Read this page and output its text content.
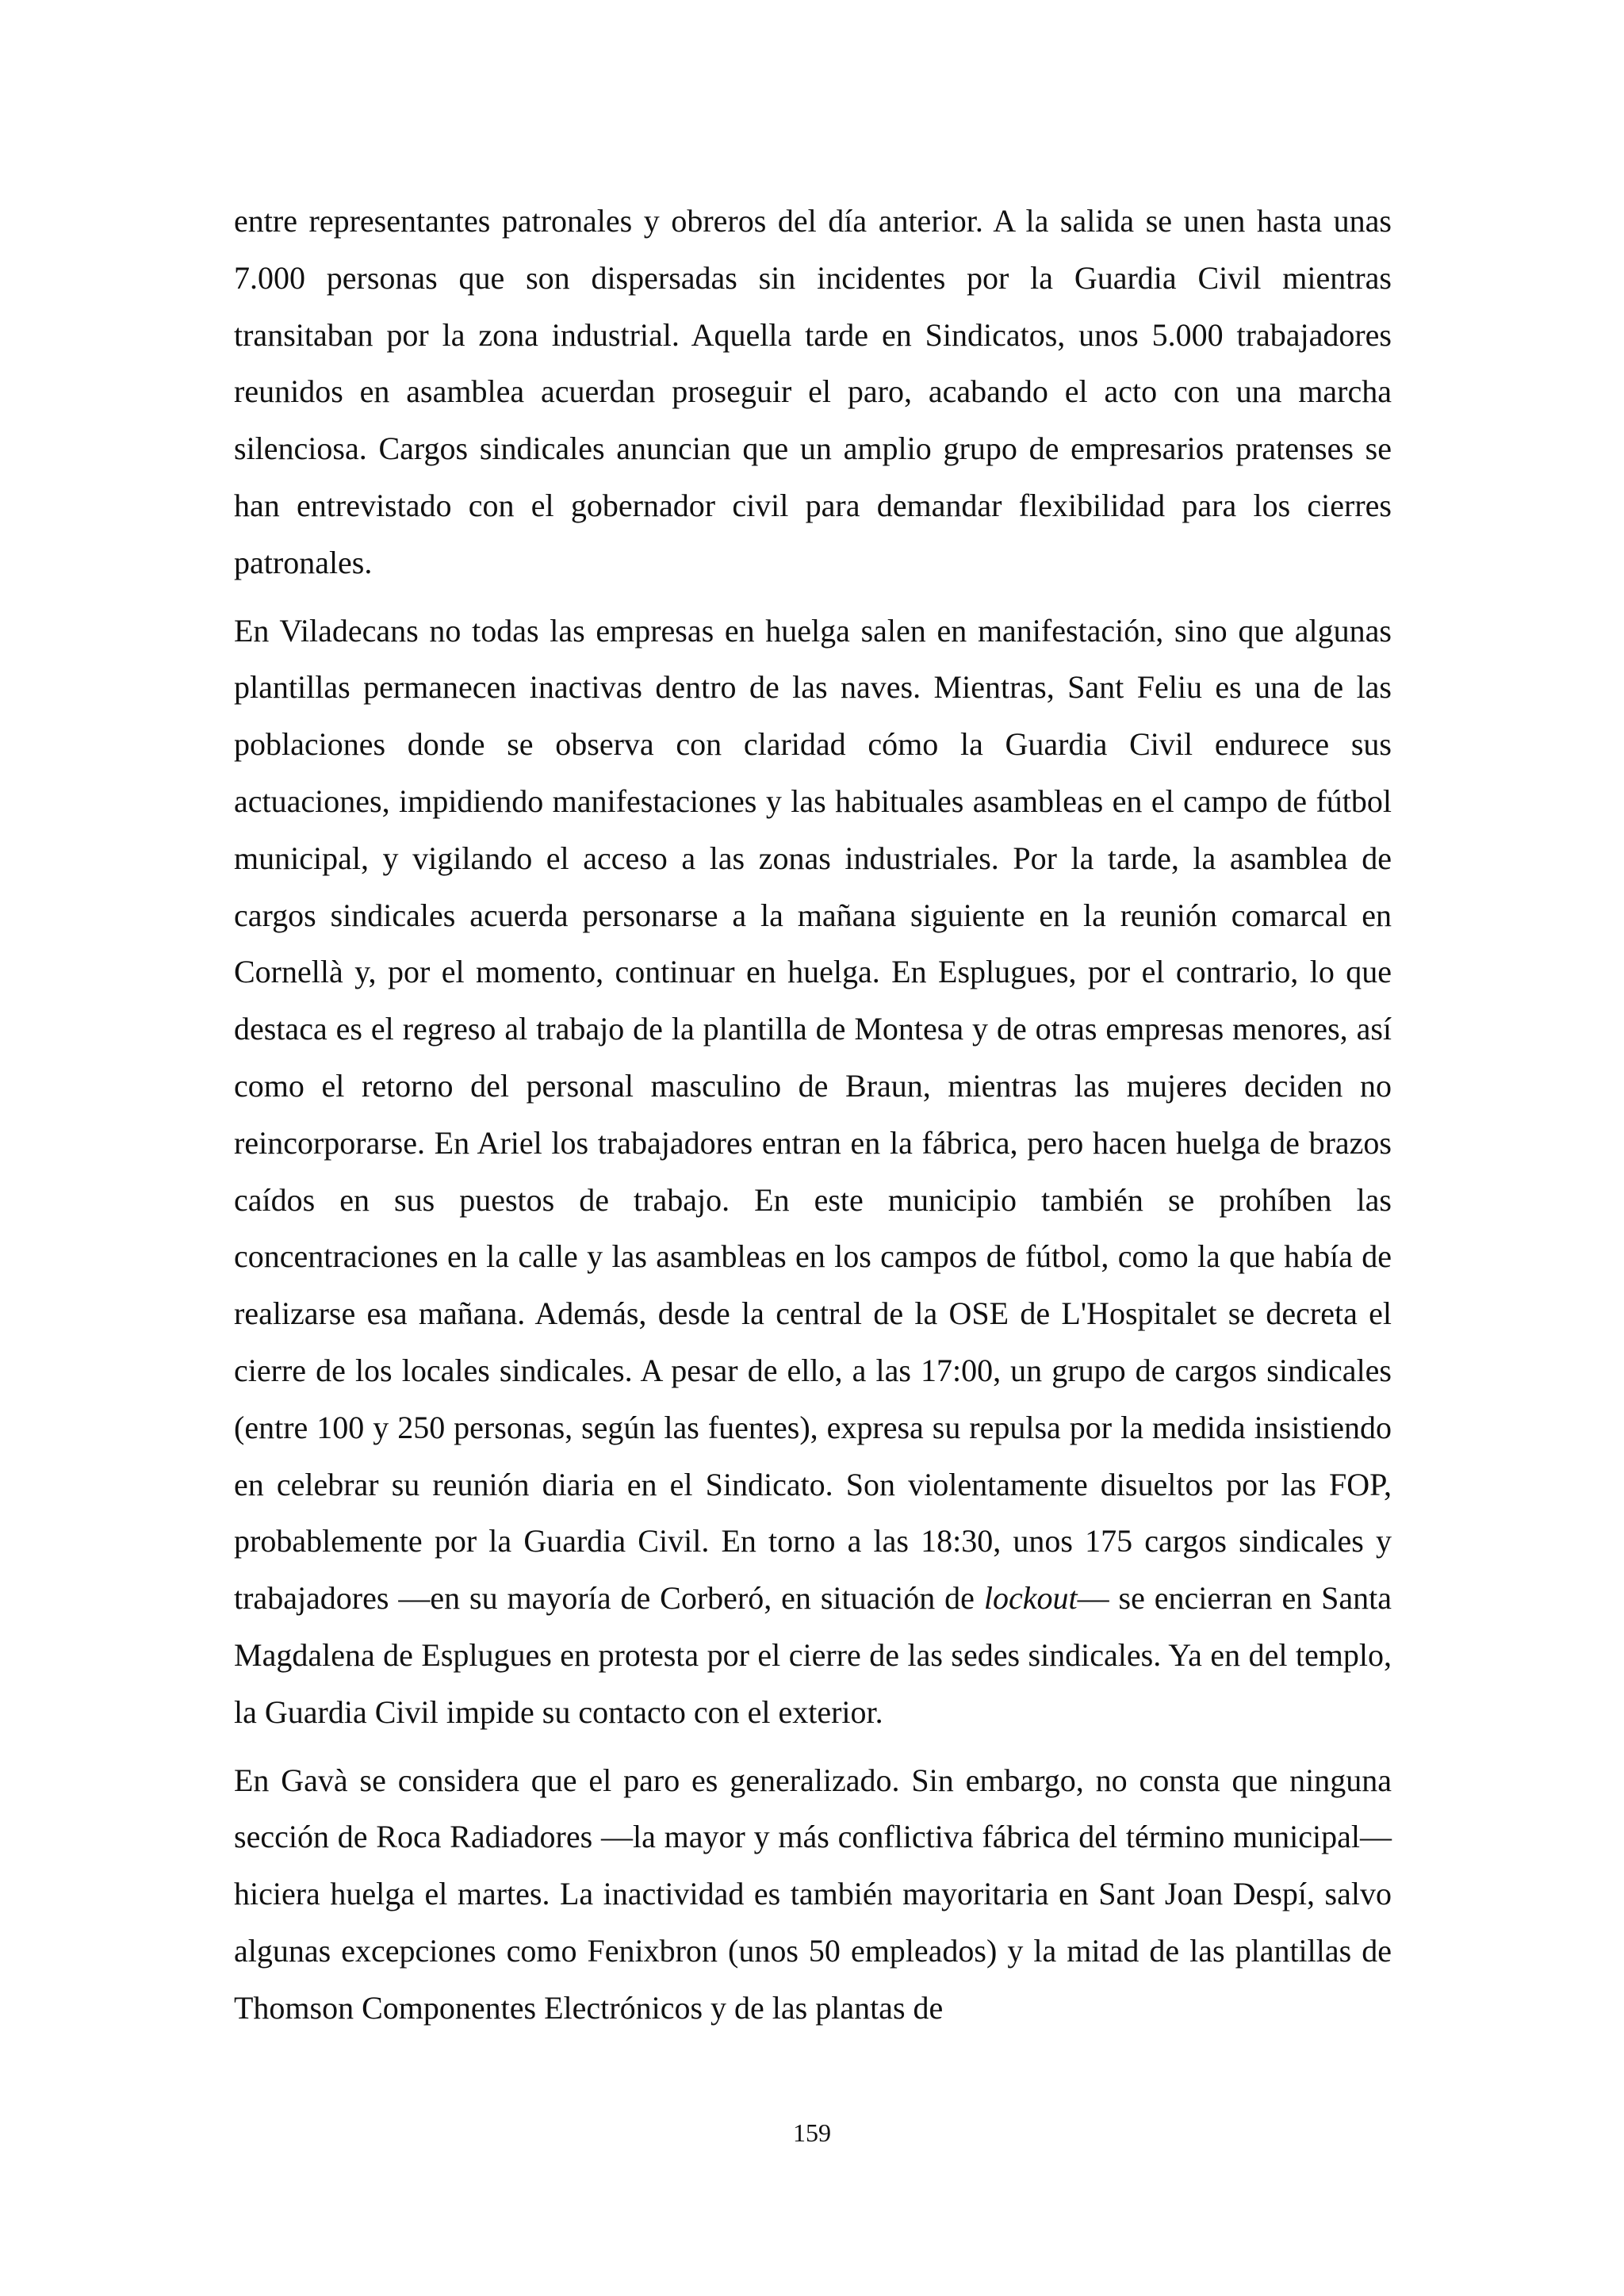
entre representantes patronales y obreros del día anterior. A la salida se unen hasta unas 7.000 personas que son dispersadas sin incidentes por la Guardia Civil mientras transitaban por la zona industrial. Aquella tarde en Sindicatos, unos 5.000 trabajadores reunidos en asamblea acuerdan proseguir el paro, acabando el acto con una marcha silenciosa. Cargos sindicales anuncian que un amplio grupo de empresarios pratenses se han entrevistado con el gobernador civil para demandar flexibilidad para los cierres patronales.

En Viladecans no todas las empresas en huelga salen en manifestación, sino que algunas plantillas permanecen inactivas dentro de las naves. Mientras, Sant Feliu es una de las poblaciones donde se observa con claridad cómo la Guardia Civil endurece sus actuaciones, impidiendo manifestaciones y las habituales asambleas en el campo de fútbol municipal, y vigilando el acceso a las zonas industriales. Por la tarde, la asamblea de cargos sindicales acuerda personarse a la mañana siguiente en la reunión comarcal en Cornellà y, por el momento, continuar en huelga. En Esplugues, por el contrario, lo que destaca es el regreso al trabajo de la plantilla de Montesa y de otras empresas menores, así como el retorno del personal masculino de Braun, mientras las mujeres deciden no reincorporarse. En Ariel los trabajadores entran en la fábrica, pero hacen huelga de brazos caídos en sus puestos de trabajo. En este municipio también se prohíben las concentraciones en la calle y las asambleas en los campos de fútbol, como la que había de realizarse esa mañana. Además, desde la central de la OSE de L'Hospitalet se decreta el cierre de los locales sindicales. A pesar de ello, a las 17:00, un grupo de cargos sindicales (entre 100 y 250 personas, según las fuentes), expresa su repulsa por la medida insistiendo en celebrar su reunión diaria en el Sindicato. Son violentamente disueltos por las FOP, probablemente por la Guardia Civil. En torno a las 18:30, unos 175 cargos sindicales y trabajadores —en su mayoría de Corberó, en situación de lockout— se encierran en Santa Magdalena de Esplugues en protesta por el cierre de las sedes sindicales. Ya en del templo, la Guardia Civil impide su contacto con el exterior.

En Gavà se considera que el paro es generalizado. Sin embargo, no consta que ninguna sección de Roca Radiadores —la mayor y más conflictiva fábrica del término municipal— hiciera huelga el martes. La inactividad es también mayoritaria en Sant Joan Despí, salvo algunas excepciones como Fenixbron (unos 50 empleados) y la mitad de las plantillas de Thomson Componentes Electrónicos y de las plantas de

159
